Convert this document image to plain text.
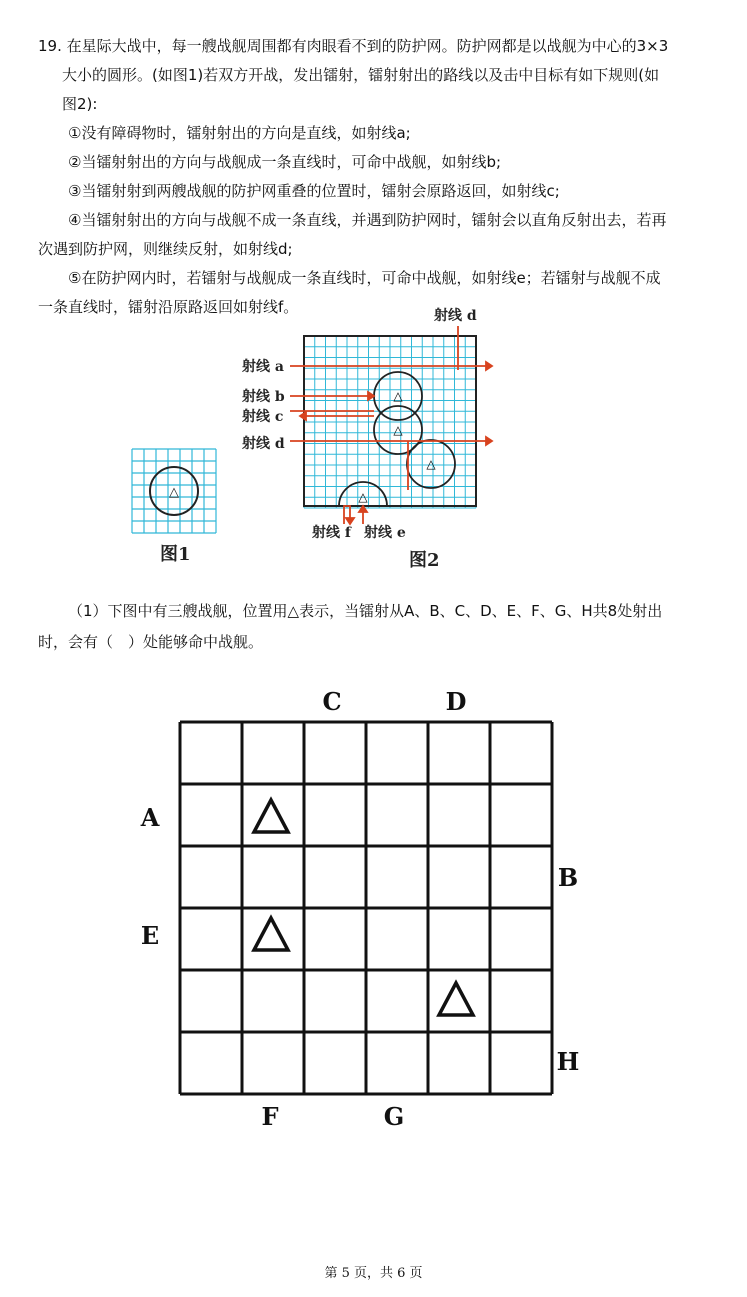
19. 在星际大战中，每一艘战舰周围都有肉眼看不到的防护网。防护网都是以战舰为中心的3×3

大小的圆形。(如图1)若双方开战，发出镭射，镭射射出的路线以及击中目标有如下规则(如

图2):

①没有障碍物时，镭射射出的方向是直线，如射线a;

②当镭射射出的方向与战舰成一条直线时，可命中战舰，如射线b;

③当镭射射到两艘战舰的防护网重叠的位置时，镭射会原路返回，如射线c;

④当镭射射出的方向与战舰不成一条直线，并遇到防护网时，镭射会以直角反射出去，若再

次遇到防护网，则继续反射，如射线d;

⑤在防护网内时，若镭射与战舰成一条直线时，可命中战舰，如射线e；若镭射与战舰不成

一条直线时，镭射沿原路返回如射线f。

△
图1
△
△
△
△
射线 a
射线 b
射线 c
射线 d
射线 d
射线 f 射线 e
图2

（1）下图中有三艘战舰，位置用△表示，当镭射从A、B、C、D、E、F、G、H共8处射出

时，会有（　）处能够命中战舰。

C	D
A
B
E
H
F	G
第 5 页，共 6 页
